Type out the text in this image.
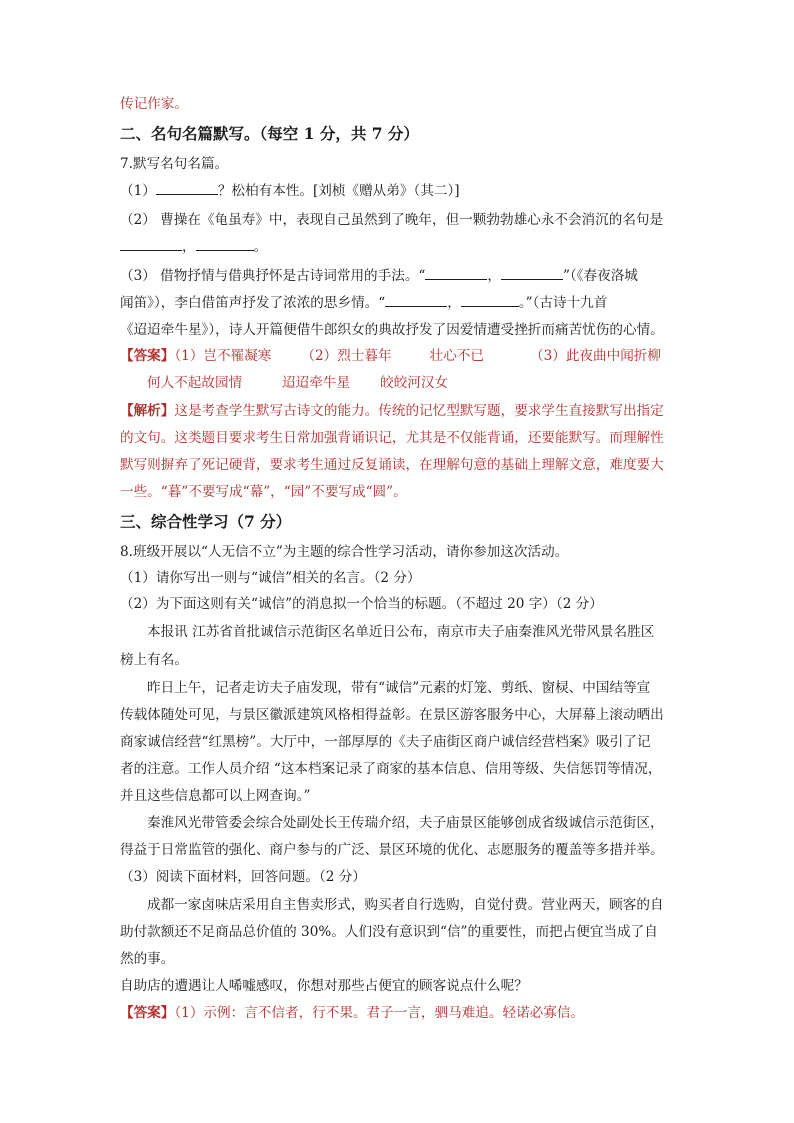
传记作家。
二、名句名篇默写。（每空 1 分，共 7 分）
7.默写名句名篇。
（1）	？松柏有本性。[刘桢《赠从弟》（其二）]
（2） 曹操在《龟虽寿》中，表现自己虽然到了晚年，但一颗勃勃雄心永不会消沉的名句是
，	。
（3） 借物抒情与借典抒怀是古诗词常用的手法。“	，	”（《春夜洛城
闻笛》），李白借笛声抒发了浓浓的思乡情。“	，	。”（古诗十九首
《迢迢牵牛星》），诗人开篇便借牛郎织女的典故抒发了因爱情遭受挫折而痛苦忧伤的心情。
【答案】（1）岂不罹凝寒 （2）烈士暮年	壮心不已	（3）此夜曲中闻折柳
何人不起故园情	迢迢牵牛星 皎皎河汉女
【解析】这是考查学生默写古诗文的能力。传统的记忆型默写题，要求学生直接默写出指定
的文句。这类题目要求考生日常加强背诵识记，尤其是不仅能背诵，还要能默写。而理解性
默写则摒弃了死记硬背，要求考生通过反复诵读，在理解句意的基础上理解文意，难度要大
一些。“暮”不要写成“幕”，“园”不要写成“圆”。
三、综合性学习（7 分）
8.班级开展以“人无信不立”为主题的综合性学习活动，请你参加这次活动。
（1）请你写出一则与“诚信”相关的名言。（2 分）
（2）为下面这则有关“诚信”的消息拟一个恰当的标题。（不超过 20 字）（2 分）
本报讯 江苏省首批诚信示范街区名单近日公布，南京市夫子庙秦淮风光带风景名胜区
榜上有名。
昨日上午，记者走访夫子庙发现，带有“诚信”元素的灯笼、剪纸、窗棂、中国结等宣
传载体随处可见，与景区徽派建筑风格相得益彰。在景区游客服务中心，大屏幕上滚动晒出
商家诚信经营“红黑榜”。大厅中，一部厚厚的《夫子庙街区商户诚信经营档案》吸引了记
者的注意。工作人员介绍 “这本档案记录了商家的基本信息、信用等级、失信惩罚等情况，
并且这些信息都可以上网查询。”
秦淮风光带管委会综合处副处长王传瑞介绍，夫子庙景区能够创成省级诚信示范街区，
得益于日常监管的强化、商户参与的广泛、景区环境的优化、志愿服务的覆盖等多措并举。
（3）阅读下面材料，回答问题。（2 分）
成都一家卤味店采用自主售卖形式，购买者自行选购，自觉付费。营业两天，顾客的自
助付款额还不足商品总价值的 30%。人们没有意识到“信”的重要性，而把占便宜当成了自
然的事。
自助店的遭遇让人唏嘘感叹，你想对那些占便宜的顾客说点什么呢？
【答案】（1）示例：言不信者，行不果。君子一言，驷马难追。轻诺必寡信。
